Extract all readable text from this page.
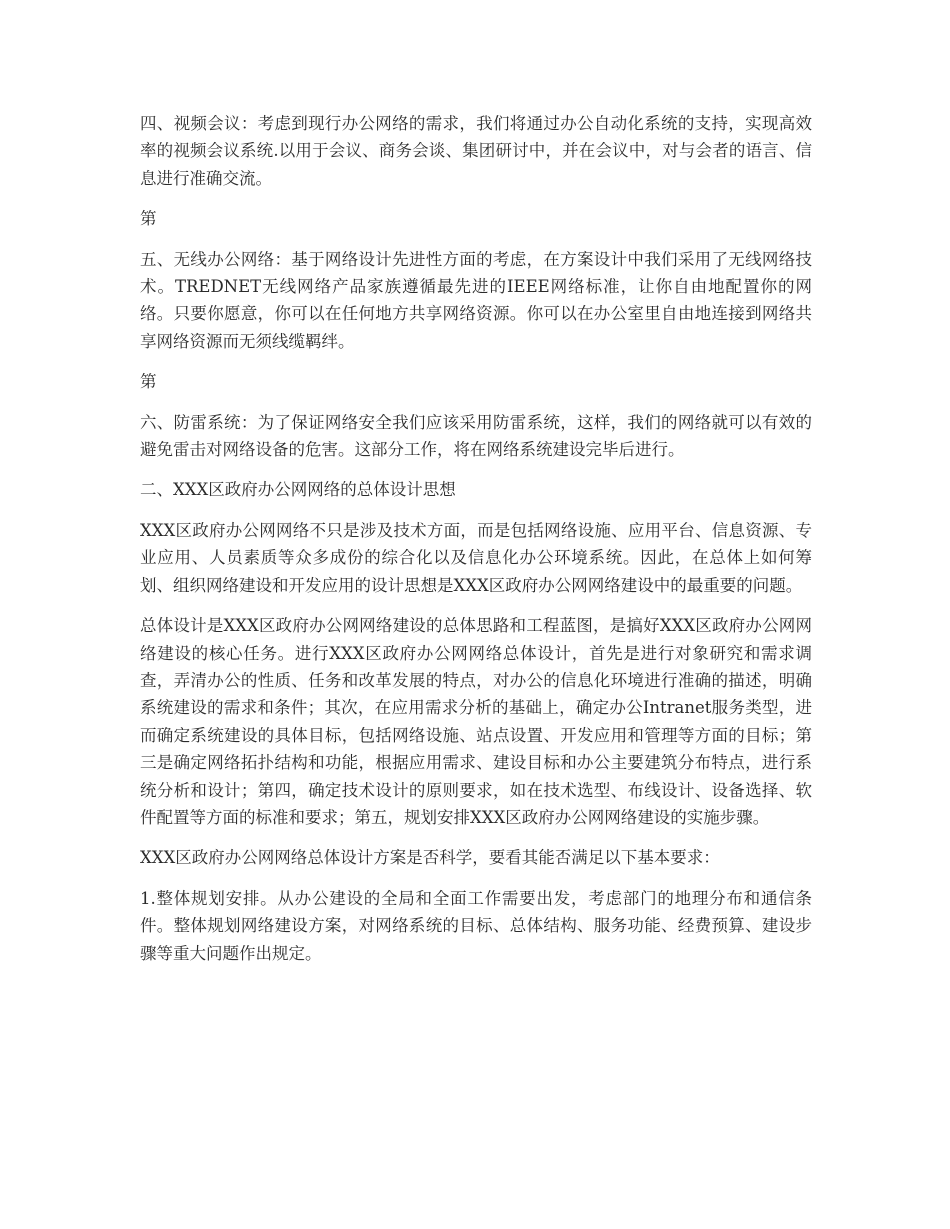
四、视频会议：考虑到现行办公网络的需求，我们将通过办公自动化系统的支持，实现高效率的视频会议系统.以用于会议、商务会谈、集团研讨中，并在会议中，对与会者的语言、信息进行准确交流。

第

五、无线办公网络：基于网络设计先进性方面的考虑，在方案设计中我们采用了无线网络技术。TREDNET无线网络产品家族遵循最先进的IEEE网络标准，让你自由地配置你的网络。只要你愿意，你可以在任何地方共享网络资源。你可以在办公室里自由地连接到网络共享网络资源而无须线缆羁绊。

第

六、防雷系统：为了保证网络安全我们应该采用防雷系统，这样，我们的网络就可以有效的避免雷击对网络设备的危害。这部分工作，将在网络系统建设完毕后进行。

二、XXX区政府办公网网络的总体设计思想

XXX区政府办公网网络不只是涉及技术方面，而是包括网络设施、应用平台、信息资源、专业应用、人员素质等众多成份的综合化以及信息化办公环境系统。因此，在总体上如何筹划、组织网络建设和开发应用的设计思想是XXX区政府办公网网络建设中的最重要的问题。

总体设计是XXX区政府办公网网络建设的总体思路和工程蓝图，是搞好XXX区政府办公网网络建设的核心任务。进行XXX区政府办公网网络总体设计，首先是进行对象研究和需求调查，弄清办公的性质、任务和改革发展的特点，对办公的信息化环境进行准确的描述，明确系统建设的需求和条件；其次，在应用需求分析的基础上，确定办公Intranet服务类型，进而确定系统建设的具体目标，包括网络设施、站点设置、开发应用和管理等方面的目标；第三是确定网络拓扑结构和功能，根据应用需求、建设目标和办公主要建筑分布特点，进行系统分析和设计；第四，确定技术设计的原则要求，如在技术选型、布线设计、设备选择、软件配置等方面的标准和要求；第五，规划安排XXX区政府办公网网络建设的实施步骤。

XXX区政府办公网网络总体设计方案是否科学，要看其能否满足以下基本要求：

1.整体规划安排。从办公建设的全局和全面工作需要出发，考虑部门的地理分布和通信条件。整体规划网络建设方案，对网络系统的目标、总体结构、服务功能、经费预算、建设步骤等重大问题作出规定。
